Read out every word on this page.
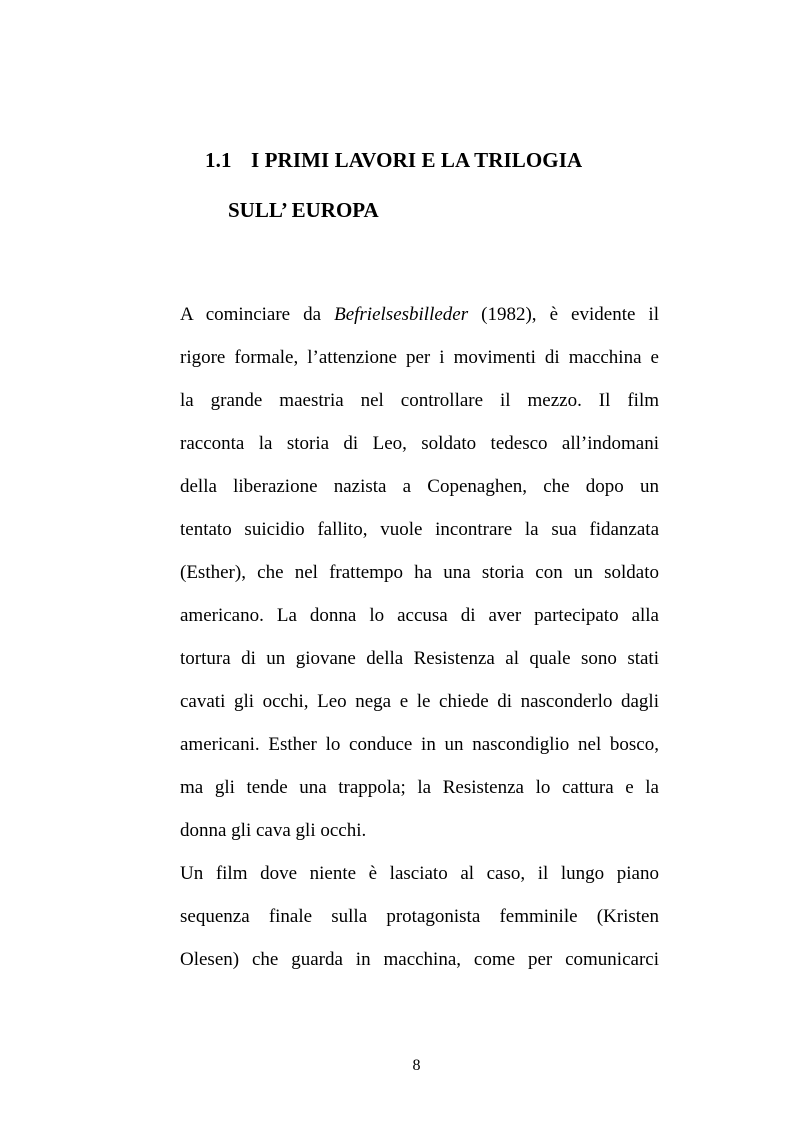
1.1 I PRIMI LAVORI E LA TRILOGIA
SULL’ EUROPA
A cominciare da Befrielsesbilleder (1982), è evidente il
rigore formale, l’attenzione per i movimenti di macchina e
la grande maestria nel controllare il mezzo. Il film
racconta la storia di Leo, soldato tedesco all’indomani
della liberazione nazista a Copenaghen, che dopo un
tentato suicidio fallito, vuole incontrare la sua fidanzata
(Esther), che nel frattempo ha una storia con un soldato
americano. La donna lo accusa di aver partecipato alla
tortura di un giovane della Resistenza al quale sono stati
cavati gli occhi, Leo nega e le chiede di nasconderlo dagli
americani. Esther lo conduce in un nascondiglio nel bosco,
ma gli tende una trappola; la Resistenza lo cattura e la
donna gli cava gli occhi.
Un film dove niente è lasciato al caso, il lungo piano
sequenza finale sulla protagonista femminile (Kristen
Olesen) che guarda in macchina, come per comunicarci
8
